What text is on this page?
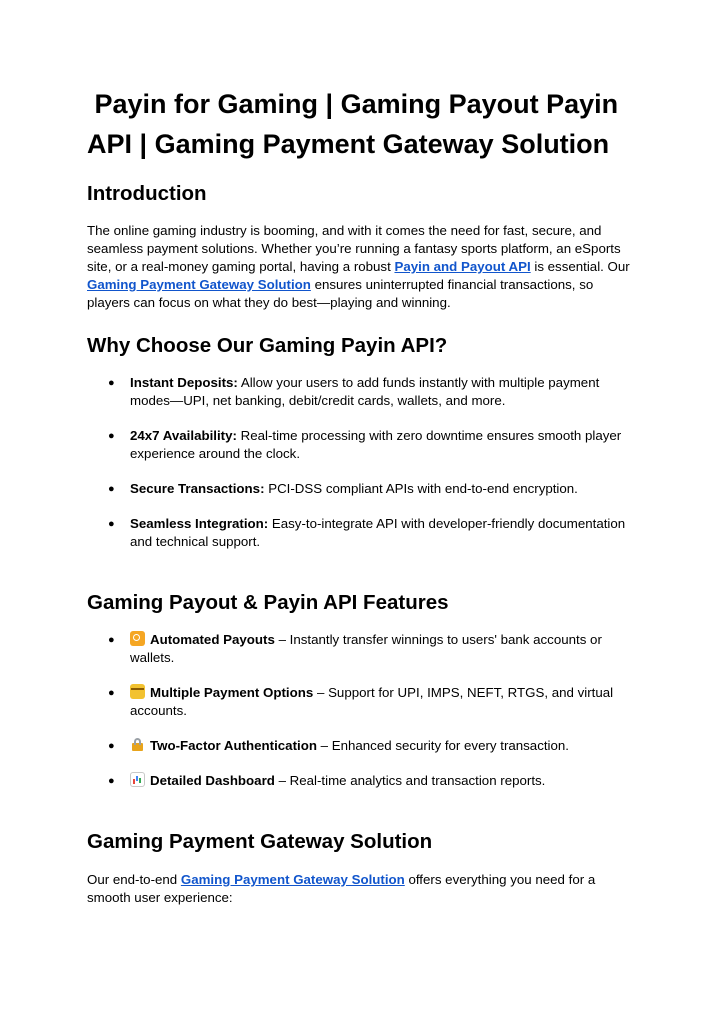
Payin for Gaming | Gaming Payout Payin
API | Gaming Payment Gateway Solution
Introduction
The online gaming industry is booming, and with it comes the need for fast, secure, and
seamless payment solutions. Whether you’re running a fantasy sports platform, an eSports
site, or a real-money gaming portal, having a robust Payin and Payout API is essential. Our
Gaming Payment Gateway Solution ensures uninterrupted financial transactions, so
players can focus on what they do best—playing and winning.
Why Choose Our Gaming Payin API?
● Instant Deposits: Allow your users to add funds instantly with multiple payment
modes—UPI, net banking, debit/credit cards, wallets, and more.
● 24x7 Availability: Real-time processing with zero downtime ensures smooth player
experience around the clock.
● Secure Transactions: PCI-DSS compliant APIs with end-to-end encryption.
● Seamless Integration: Easy-to-integrate API with developer-friendly documentation
and technical support.
Gaming Payout & Payin API Features
●	Automated Payouts – Instantly transfer winnings to users' bank accounts or
wallets.
●	Multiple Payment Options – Support for UPI, IMPS, NEFT, RTGS, and virtual
accounts.
●	Two-Factor Authentication – Enhanced security for every transaction.
●	Detailed Dashboard – Real-time analytics and transaction reports.
Gaming Payment Gateway Solution
Our end-to-end Gaming Payment Gateway Solution offers everything you need for a
smooth user experience:
